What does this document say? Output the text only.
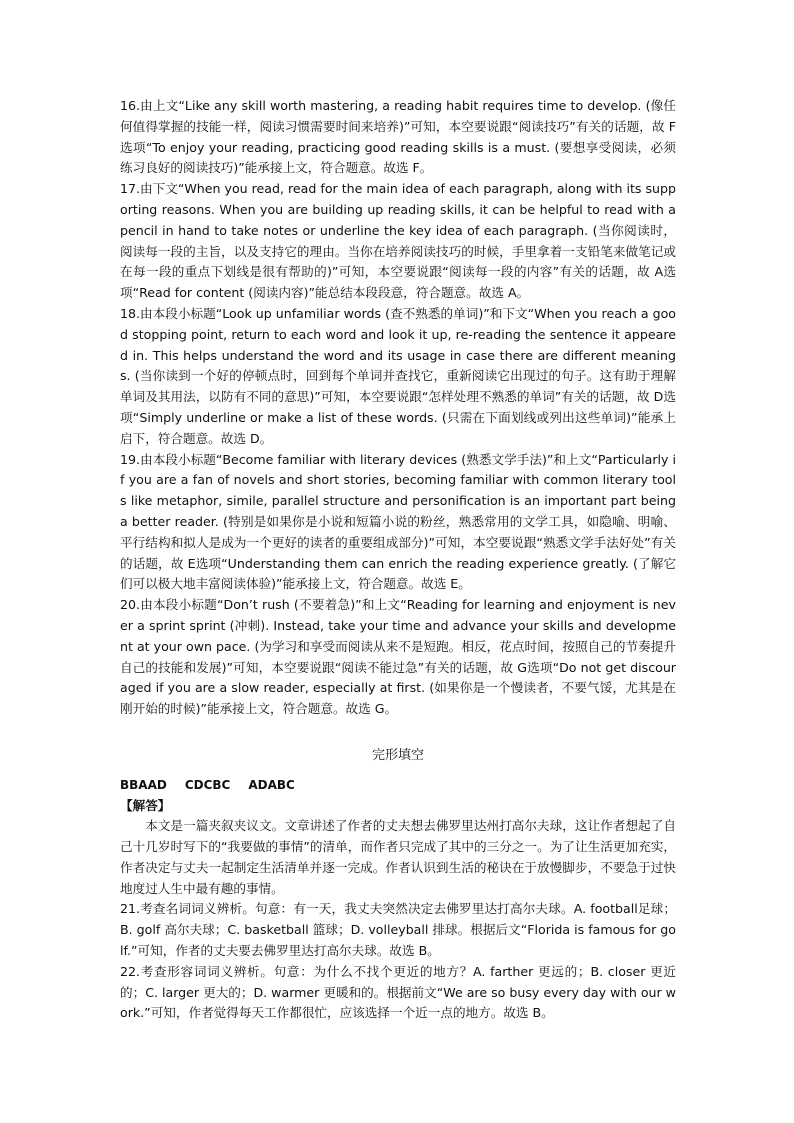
16.由上文“Like any skill worth mastering, a reading habit requires time to develop. (像任何值得掌握的技能一样，阅读习惯需要时间来培养)”可知，本空要说跟“阅读技巧”有关的话题，故 F选项“To enjoy your reading, practicing good reading skills is a must. (要想享受阅读，必须练习良好的阅读技巧)”能承接上文，符合题意。故选 F。

17.由下文“When you read, read for the main idea of each paragraph, along with its supporting reasons. When you are building up reading skills, it can be helpful to read with a pencil in hand to take notes or underline the key idea of each paragraph. (当你阅读时，阅读每一段的主旨，以及支持它的理由。当你在培养阅读技巧的时候，手里拿着一支铅笔来做笔记或在每一段的重点下划线是很有帮助的)”可知，本空要说跟“阅读每一段的内容”有关的话题，故 A选项“Read for content (阅读内容)”能总结本段段意，符合题意。故选 A。

18.由本段小标题“Look up unfamiliar words (查不熟悉的单词)”和下文“When you reach a good stopping point, return to each word and look it up, re-reading the sentence it appeared in. This helps understand the word and its usage in case there are different meanings. (当你读到一个好的停顿点时，回到每个单词并查找它，重新阅读它出现过的句子。这有助于理解单词及其用法，以防有不同的意思)”可知，本空要说跟“怎样处理不熟悉的单词”有关的话题，故 D选项“Simply underline or make a list of these words. (只需在下面划线或列出这些单词)”能承上启下，符合题意。故选 D。

19.由本段小标题“Become familiar with literary devices (熟悉文学手法)”和上文“Particularly if you are a fan of novels and short stories, becoming familiar with common literary tools like metaphor, simile, parallel structure and personification is an important part being a better reader. (特别是如果你是小说和短篇小说的粉丝，熟悉常用的文学工具，如隐喻、明喻、平行结构和拟人是成为一个更好的读者的重要组成部分)”可知，本空要说跟“熟悉文学手法好处”有关的话题，故 E选项“Understanding them can enrich the reading experience greatly. (了解它们可以极大地丰富阅读体验)”能承接上文，符合题意。故选 E。

20.由本段小标题“Don’t rush (不要着急)”和上文“Reading for learning and enjoyment is never a sprint sprint (冲刺). Instead, take your time and advance your skills and development at your own pace. (为学习和享受而阅读从来不是短跑。相反，花点时间，按照自己的节奏提升自己的技能和发展)”可知，本空要说跟“阅读不能过急”有关的话题，故 G选项“Do not get discouraged if you are a slow reader, especially at first. (如果你是一个慢读者，不要气馁，尤其是在刚开始的时候)”能承接上文，符合题意。故选 G。

完形填空

BBAAD CDCBC ADABC

【解答】

本文是一篇夹叙夹议文。文章讲述了作者的丈夫想去佛罗里达州打高尔夫球，这让作者想起了自己十几岁时写下的“我要做的事情”的清单，而作者只完成了其中的三分之一。为了让生活更加充实，作者决定与丈夫一起制定生活清单并逐一完成。作者认识到生活的秘诀在于放慢脚步，不要急于过快地度过人生中最有趣的事情。

21.考查名词词义辨析。句意：有一天，我丈夫突然决定去佛罗里达打高尔夫球。A. football足球；B. golf 高尔夫球；C. basketball 篮球；D. volleyball 排球。根据后文“Florida is famous for golf.”可知，作者的丈夫要去佛罗里达打高尔夫球。故选 B。

22.考查形容词词义辨析。句意：为什么不找个更近的地方？A. farther 更远的；B. closer 更近的；C. larger 更大的；D. warmer 更暖和的。根据前文“We are so busy every day with our work.”可知，作者觉得每天工作都很忙，应该选择一个近一点的地方。故选 B。
